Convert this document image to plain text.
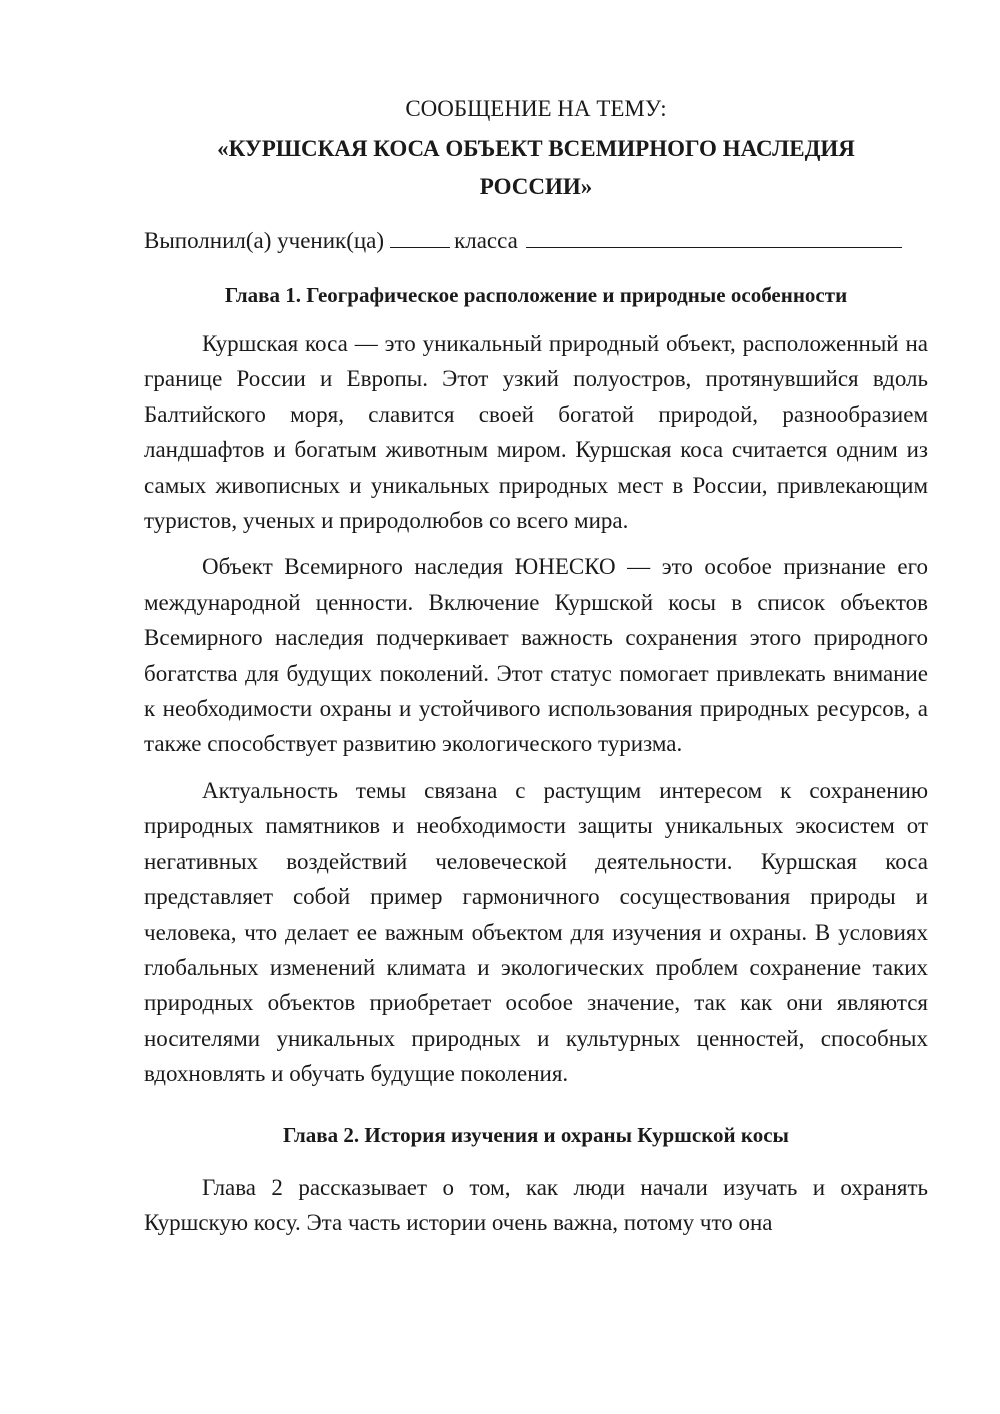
СООБЩЕНИЕ НА ТЕМУ:

«КУРШСКАЯ КОСА ОБЪЕКТ ВСЕМИРНОГО НАСЛЕДИЯ

РОССИИ»

Выполнил(а) ученик(ца)	класса

Глава 1. Географическое расположение и природные особенности

Куршская коса — это уникальный природный объект, расположенный на границе России и Европы. Этот узкий полуостров, протянувшийся вдоль Балтийского моря, славится своей богатой природой, разнообразием ландшафтов и богатым животным миром. Куршская коса считается одним из самых живописных и уникальных природных мест в России, привлекающим туристов, ученых и природолюбов со всего мира.

Объект Всемирного наследия ЮНЕСКО — это особое признание его международной ценности. Включение Куршской косы в список объектов Всемирного наследия подчеркивает важность сохранения этого природного богатства для будущих поколений. Этот статус помогает привлекать внимание к необходимости охраны и устойчивого использования природных ресурсов, а также способствует развитию экологического туризма.

Актуальность темы связана с растущим интересом к сохранению природных памятников и необходимости защиты уникальных экосистем от негативных воздействий человеческой деятельности. Куршская коса представляет собой пример гармоничного сосуществования природы и человека, что делает ее важным объектом для изучения и охраны. В условиях глобальных изменений климата и экологических проблем сохранение таких природных объектов приобретает особое значение, так как они являются носителями уникальных природных и культурных ценностей, способных вдохновлять и обучать будущие поколения.

Глава 2. История изучения и охраны Куршской косы

Глава 2 рассказывает о том, как люди начали изучать и охранять Куршскую косу. Эта часть истории очень важна, потому что она
